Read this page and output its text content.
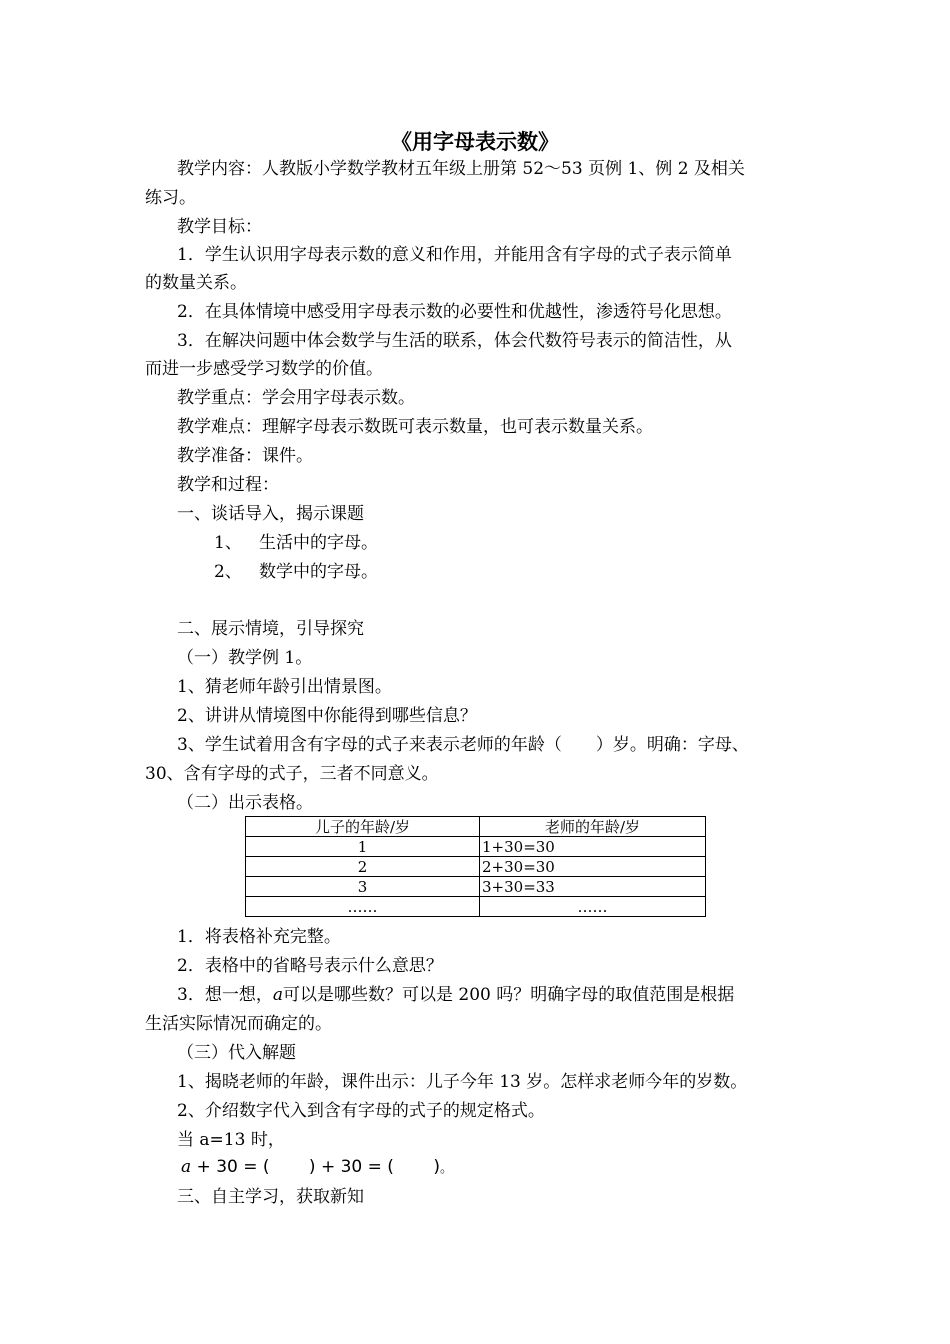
《用字母表示数》
教学内容：人教版小学数学教材五年级上册第 52～53 页例 1、例 2 及相关
练习。
教学目标：
1．学生认识用字母表示数的意义和作用，并能用含有字母的式子表示简单
的数量关系。
2．在具体情境中感受用字母表示数的必要性和优越性，渗透符号化思想。
3．在解决问题中体会数学与生活的联系，体会代数符号表示的简洁性，从
而进一步感受学习数学的价值。
教学重点：学会用字母表示数。
教学难点：理解字母表示数既可表示数量，也可表示数量关系。
教学准备：课件。
教学和过程：
一、谈话导入，揭示课题
1、 生活中的字母。
2、 数学中的字母。
二、展示情境，引导探究
（一）教学例 1。
1、猜老师年龄引出情景图。
2、讲讲从情境图中你能得到哪些信息？
3、学生试着用含有字母的式子来表示老师的年龄（　　）岁。明确：字母、
30、含有字母的式子，三者不同意义。
（二）出示表格。
儿子的年龄/岁	老师的年龄/岁
1	1+30=30
2	2+30=30
3	3+30=33
……	……
1．将表格补充完整。
2．表格中的省略号表示什么意思？
3．想一想，a可以是哪些数？可以是 200 吗？明确字母的取值范围是根据
生活实际情况而确定的。
（三）代入解题
1、揭晓老师的年龄，课件出示：儿子今年 13 岁。怎样求老师今年的岁数。
2、介绍数字代入到含有字母的式子的规定格式。
当 a=13 时，
a + 30 = (　　 ) + 30 = (　　 )。
三、自主学习，获取新知
